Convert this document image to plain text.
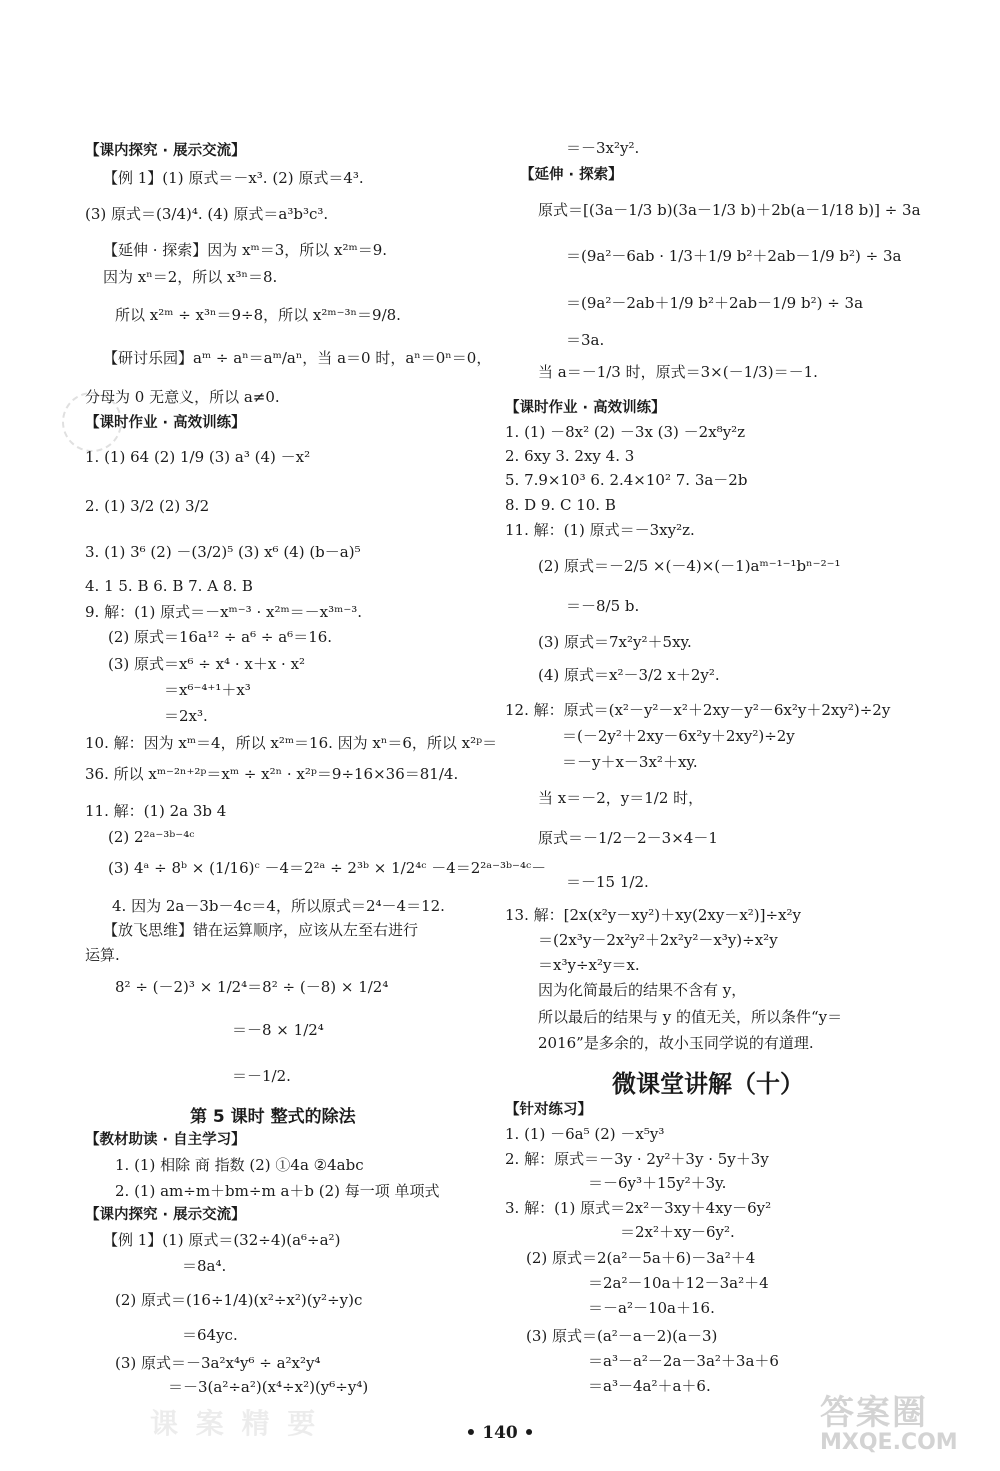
【课内探究 · 展示交流】
【例 1】(1) 原式＝－x³. (2) 原式＝4³.
(3) 原式＝(3/4)⁴. (4) 原式＝a³b³c³.
【延伸 · 探索】因为 xᵐ＝3，所以 x²ᵐ＝9.
因为 xⁿ＝2，所以 x³ⁿ＝8.
所以 x²ᵐ ÷ x³ⁿ＝9÷8，所以 x²ᵐ⁻³ⁿ＝9/8.
【研讨乐园】aᵐ ÷ aⁿ＝aᵐ/aⁿ，当 a＝0 时，aⁿ＝0ⁿ＝0，
分母为 0 无意义，所以 a≠0.
【课时作业 · 高效训练】
1. (1) 64 (2) 1/9 (3) a³ (4) －x²
2. (1) 3/2 (2) 3/2
3. (1) 3⁶ (2) －(3/2)⁵ (3) x⁶ (4) (b－a)⁵
4. 1 5. B 6. B 7. A 8. B
9. 解：(1) 原式＝－xᵐ⁻³ · x²ᵐ＝－x³ᵐ⁻³.
(2) 原式＝16a¹² ÷ a⁶ ÷ a⁶＝16.
(3) 原式＝x⁶ ÷ x⁴ · x＋x · x²
＝x⁶⁻⁴⁺¹＋x³
＝2x³.
10. 解：因为 xᵐ＝4，所以 x²ᵐ＝16. 因为 xⁿ＝6，所以 x²ᵖ＝
36. 所以 xᵐ⁻²ⁿ⁺²ᵖ＝xᵐ ÷ x²ⁿ · x²ᵖ＝9÷16×36＝81/4.
11. 解：(1) 2a 3b 4
(2) 2²ᵃ⁻³ᵇ⁻⁴ᶜ
(3) 4ᵃ ÷ 8ᵇ × (1/16)ᶜ －4＝2²ᵃ ÷ 2³ᵇ × 1/2⁴ᶜ －4＝2²ᵃ⁻³ᵇ⁻⁴ᶜ－
4. 因为 2a－3b－4c＝4，所以原式＝2⁴－4＝12.
【放飞思维】错在运算顺序，应该从左至右进行
运算.
8² ÷ (－2)³ × 1/2⁴＝8² ÷ (－8) × 1/2⁴
＝－8 × 1/2⁴
＝－1/2.
第 5 课时 整式的除法
【教材助读 · 自主学习】
1. (1) 相除 商 指数 (2) ①4a ②4abc
2. (1) am÷m＋bm÷m a＋b (2) 每一项 单项式
【课内探究 · 展示交流】
【例 1】(1) 原式＝(32÷4)(a⁶÷a²)
＝8a⁴.
(2) 原式＝(16÷1/4)(x²÷x²)(y²÷y)c
＝64yc.
(3) 原式＝－3a²x⁴y⁶ ÷ a²x²y⁴
＝－3(a²÷a²)(x⁴÷x²)(y⁶÷y⁴)
＝－3x²y².
【延伸 · 探索】
原式＝[(3a－1/3 b)(3a－1/3 b)＋2b(a－1/18 b)] ÷ 3a
＝(9a²－6ab · 1/3＋1/9 b²＋2ab－1/9 b²) ÷ 3a
＝(9a²－2ab＋1/9 b²＋2ab－1/9 b²) ÷ 3a
＝3a.
当 a＝－1/3 时，原式＝3×(－1/3)＝－1.
【课时作业 · 高效训练】
1. (1) －8x² (2) －3x (3) －2x⁸y²z
2. 6xy 3. 2xy 4. 3
5. 7.9×10³ 6. 2.4×10² 7. 3a－2b
8. D 9. C 10. B
11. 解：(1) 原式＝－3xy²z.
(2) 原式＝－2/5 ×(－4)×(－1)aᵐ⁻¹⁻¹bⁿ⁻²⁻¹
＝－8/5 b.
(3) 原式＝7x²y²＋5xy.
(4) 原式＝x²－3/2 x＋2y².
12. 解：原式＝(x²－y²－x²＋2xy－y²－6x²y＋2xy²)÷2y
＝(－2y²＋2xy－6x²y＋2xy²)÷2y
＝－y＋x－3x²＋xy.
当 x＝－2，y＝1/2 时，
原式＝－1/2－2－3×4－1
＝－15 1/2.
13. 解：[2x(x²y－xy²)＋xy(2xy－x²)]÷x²y
＝(2x³y－2x²y²＋2x²y²－x³y)÷x²y
＝x³y÷x²y＝x.
因为化简最后的结果不含有 y，
所以最后的结果与 y 的值无关，所以条件“y＝
2016”是多余的，故小玉同学说的有道理.
微课堂讲解（十）
【针对练习】
1. (1) －6a⁵ (2) －x⁵y³
2. 解：原式＝－3y · 2y²＋3y · 5y＋3y
＝－6y³＋15y²＋3y.
3. 解：(1) 原式＝2x²－3xy＋4xy－6y²
＝2x²＋xy－6y².
(2) 原式＝2(a²－5a＋6)－3a²＋4
＝2a²－10a＋12－3a²＋4
＝－a²－10a＋16.
(3) 原式＝(a²－a－2)(a－3)
＝a³－a²－2a－3a²＋3a＋6
＝a³－4a²＋a＋6.
• 140 •
课 案 精 要	答案圈
MXQE.COM
